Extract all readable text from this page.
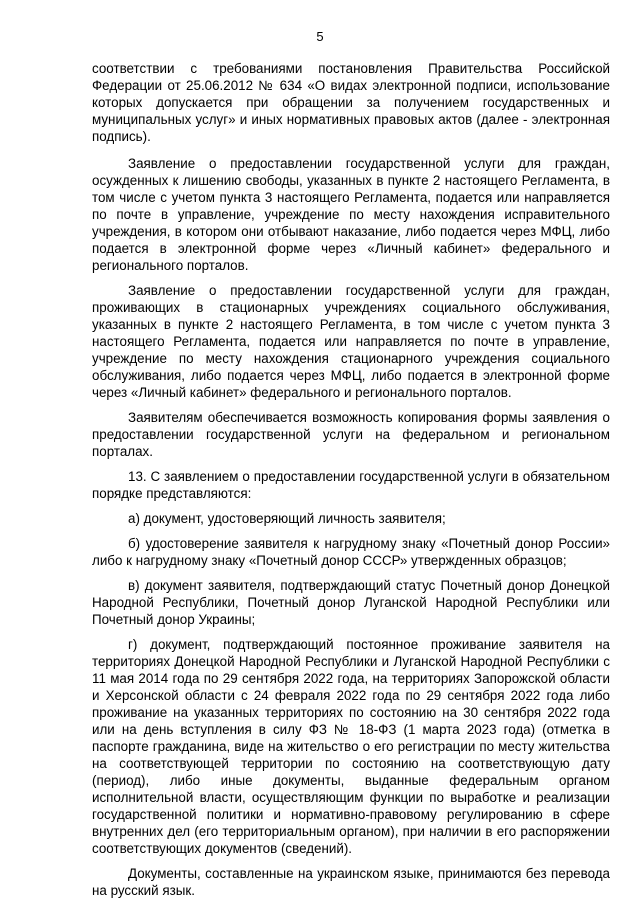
5

соответствии с требованиями постановления Правительства Российской Федерации от 25.06.2012 № 634 «О видах электронной подписи, использование которых допускается при обращении за получением государственных и муниципальных услуг» и иных нормативных правовых актов (далее - электронная подпись).

Заявление о предоставлении государственной услуги для граждан, осужденных к лишению свободы, указанных в пункте 2 настоящего Регламента, в том числе с учетом пункта 3 настоящего Регламента, подается или направляется по почте в управление, учреждение по месту нахождения исправительного учреждения, в котором они отбывают наказание, либо подается через МФЦ, либо подается в электронной форме через «Личный кабинет» федерального и регионального порталов.

Заявление о предоставлении государственной услуги для граждан, проживающих в стационарных учреждениях социального обслуживания, указанных в пункте 2 настоящего Регламента, в том числе с учетом пункта 3 настоящего Регламента, подается или направляется по почте в управление, учреждение по месту нахождения стационарного учреждения социального обслуживания, либо подается через МФЦ, либо подается в электронной форме через «Личный кабинет» федерального и регионального порталов.

Заявителям обеспечивается возможность копирования формы заявления о предоставлении государственной услуги на федеральном и региональном порталах.

13. С заявлением о предоставлении государственной услуги в обязательном порядке представляются:

а) документ, удостоверяющий личность заявителя;

б) удостоверение заявителя к нагрудному знаку «Почетный донор России» либо к нагрудному знаку «Почетный донор СССР» утвержденных образцов;

в) документ заявителя, подтверждающий статус Почетный донор Донецкой Народной Республики, Почетный донор Луганской Народной Республики или Почетный донор Украины;

г) документ, подтверждающий постоянное проживание заявителя на территориях Донецкой Народной Республики и Луганской Народной Республики с 11 мая 2014 года по 29 сентября 2022 года, на территориях Запорожской области и Херсонской области с 24 февраля 2022 года по 29 сентября 2022 года либо проживание на указанных территориях по состоянию на 30 сентября 2022 года или на день вступления в силу ФЗ № 18-ФЗ (1 марта 2023 года) (отметка в паспорте гражданина, виде на жительство о его регистрации по месту жительства на соответствующей территории по состоянию на соответствующую дату (период), либо иные документы, выданные федеральным органом исполнительной власти, осуществляющим функции по выработке и реализации государственной политики и нормативно-правовому регулированию в сфере внутренних дел (его территориальным органом), при наличии в его распоряжении соответствующих документов (сведений).

Документы, составленные на украинском языке, принимаются без перевода на русский язык.
